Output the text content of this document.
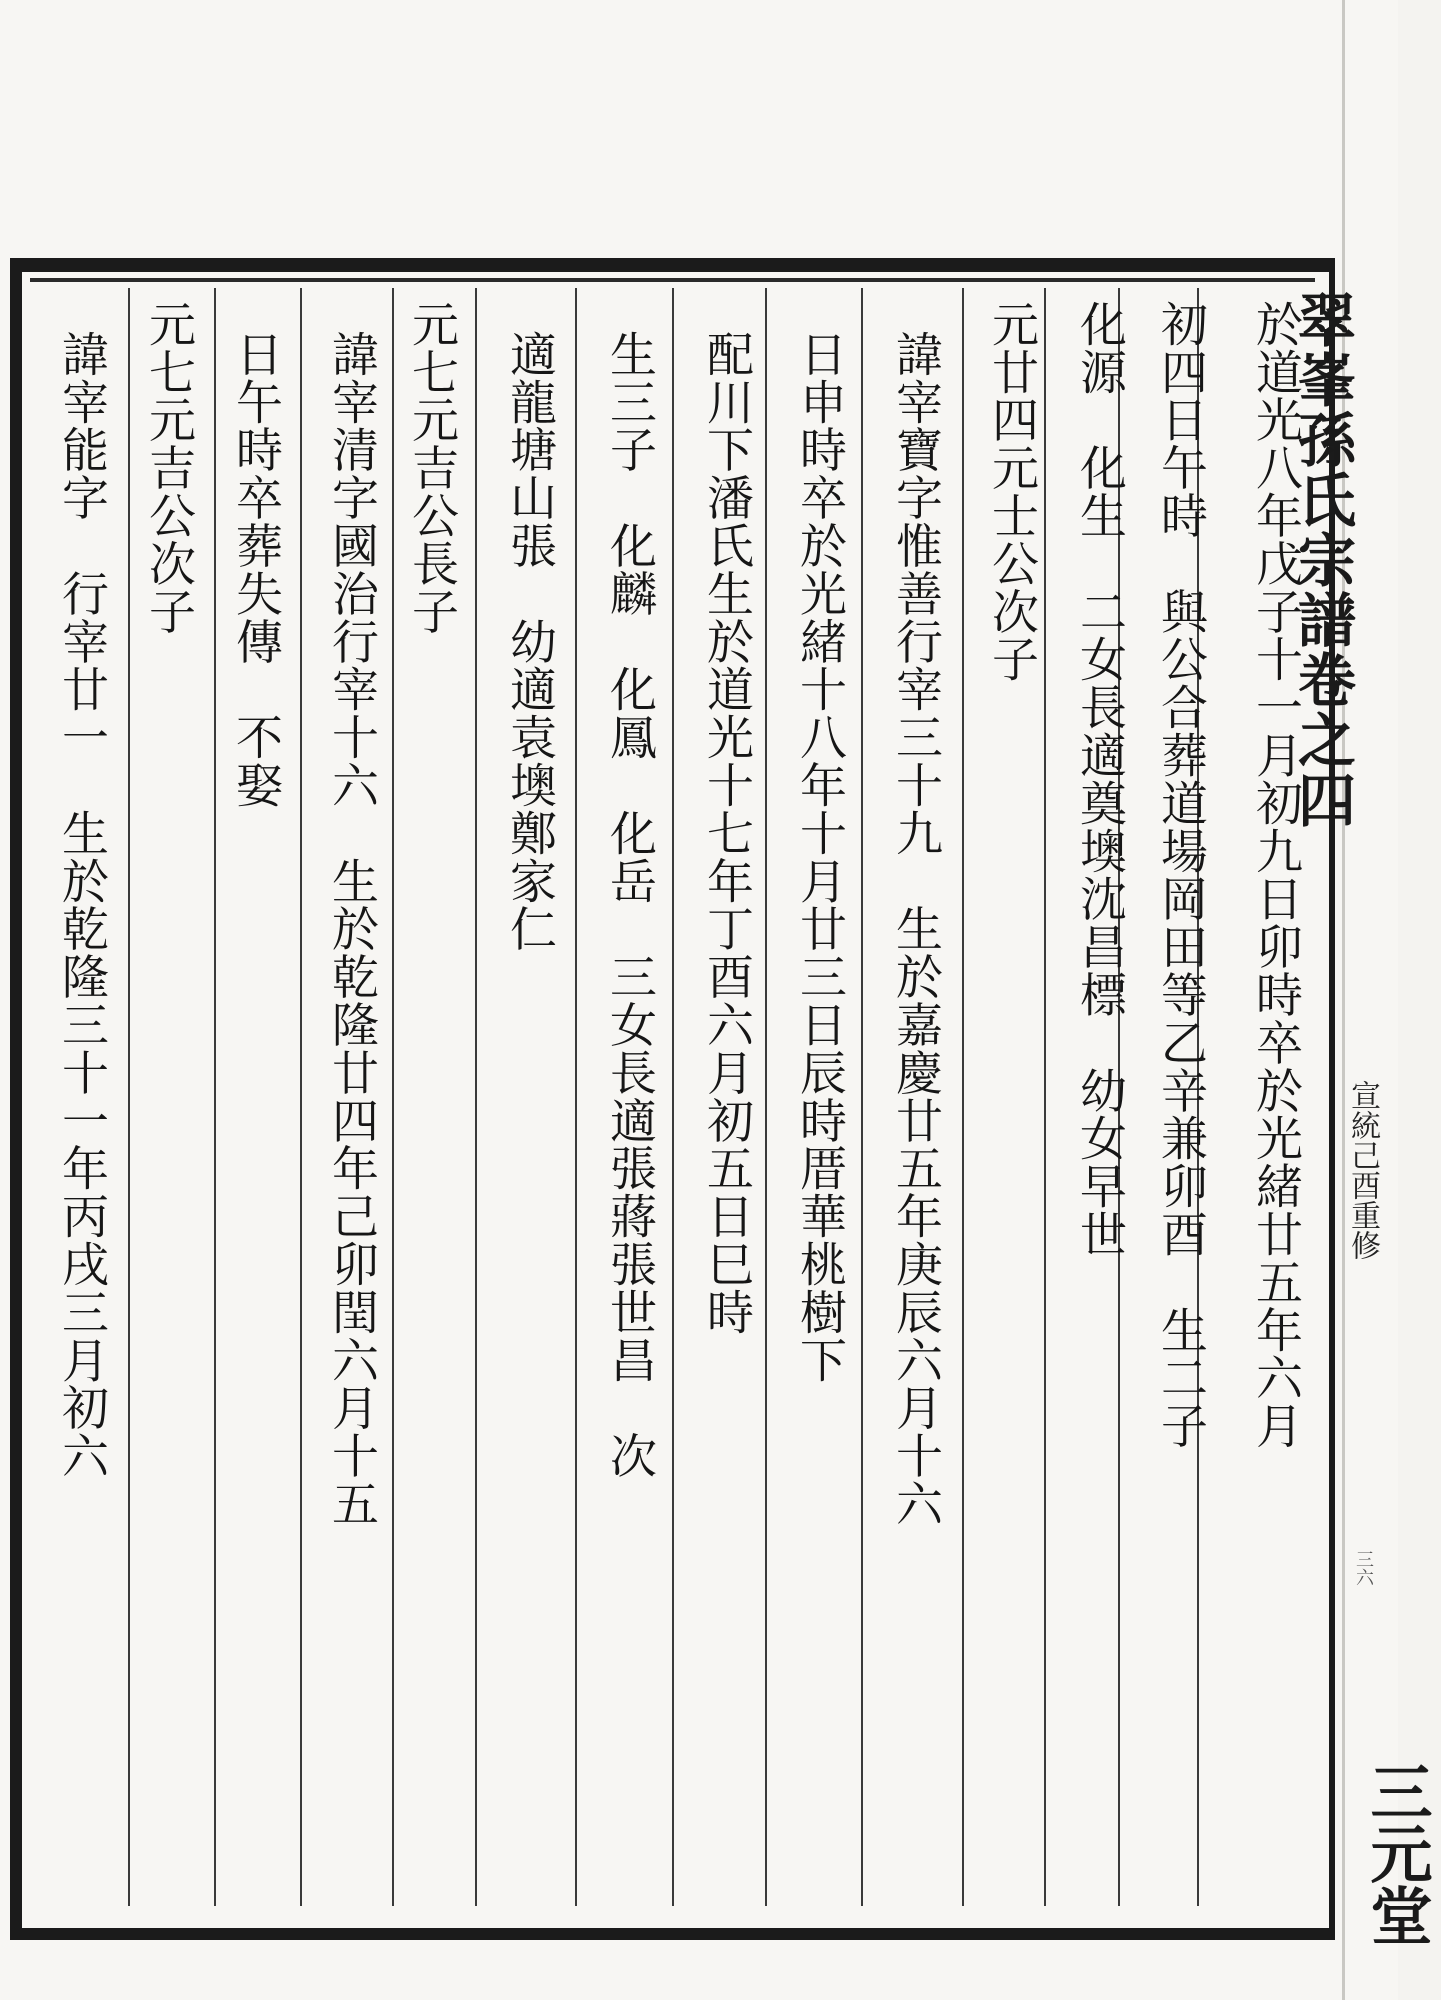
翠峯孫氏宗譜卷之四
宣統己酉重修
三六
三元堂
於道光八年戊子十一月初九日卯時卒於光緒廿五年六月
初四日午時　與公合葬道場岡田等乙辛兼卯酉　生二子
化源　化生　二女長適奠墺沈昌標　幼女早世
元廿四元士公次子
諱宰寶字惟善行宰三十九　生於嘉慶廿五年庚辰六月十六
日申時卒於光緒十八年十月廿三日辰時厝華桃樹下
配川下潘氏生於道光十七年丁酉六月初五日巳時
生三子　化麟　化鳳　化岳　三女長適張蔣張世昌　次
適龍塘山張　幼適袁墺鄭家仁
元七元吉公長子
諱宰清字國治行宰十六　生於乾隆廿四年己卯閏六月十五
日午時卒葬失傳　不娶
元七元吉公次子
諱宰能字　行宰廿一　生於乾隆三十一年丙戌三月初六
